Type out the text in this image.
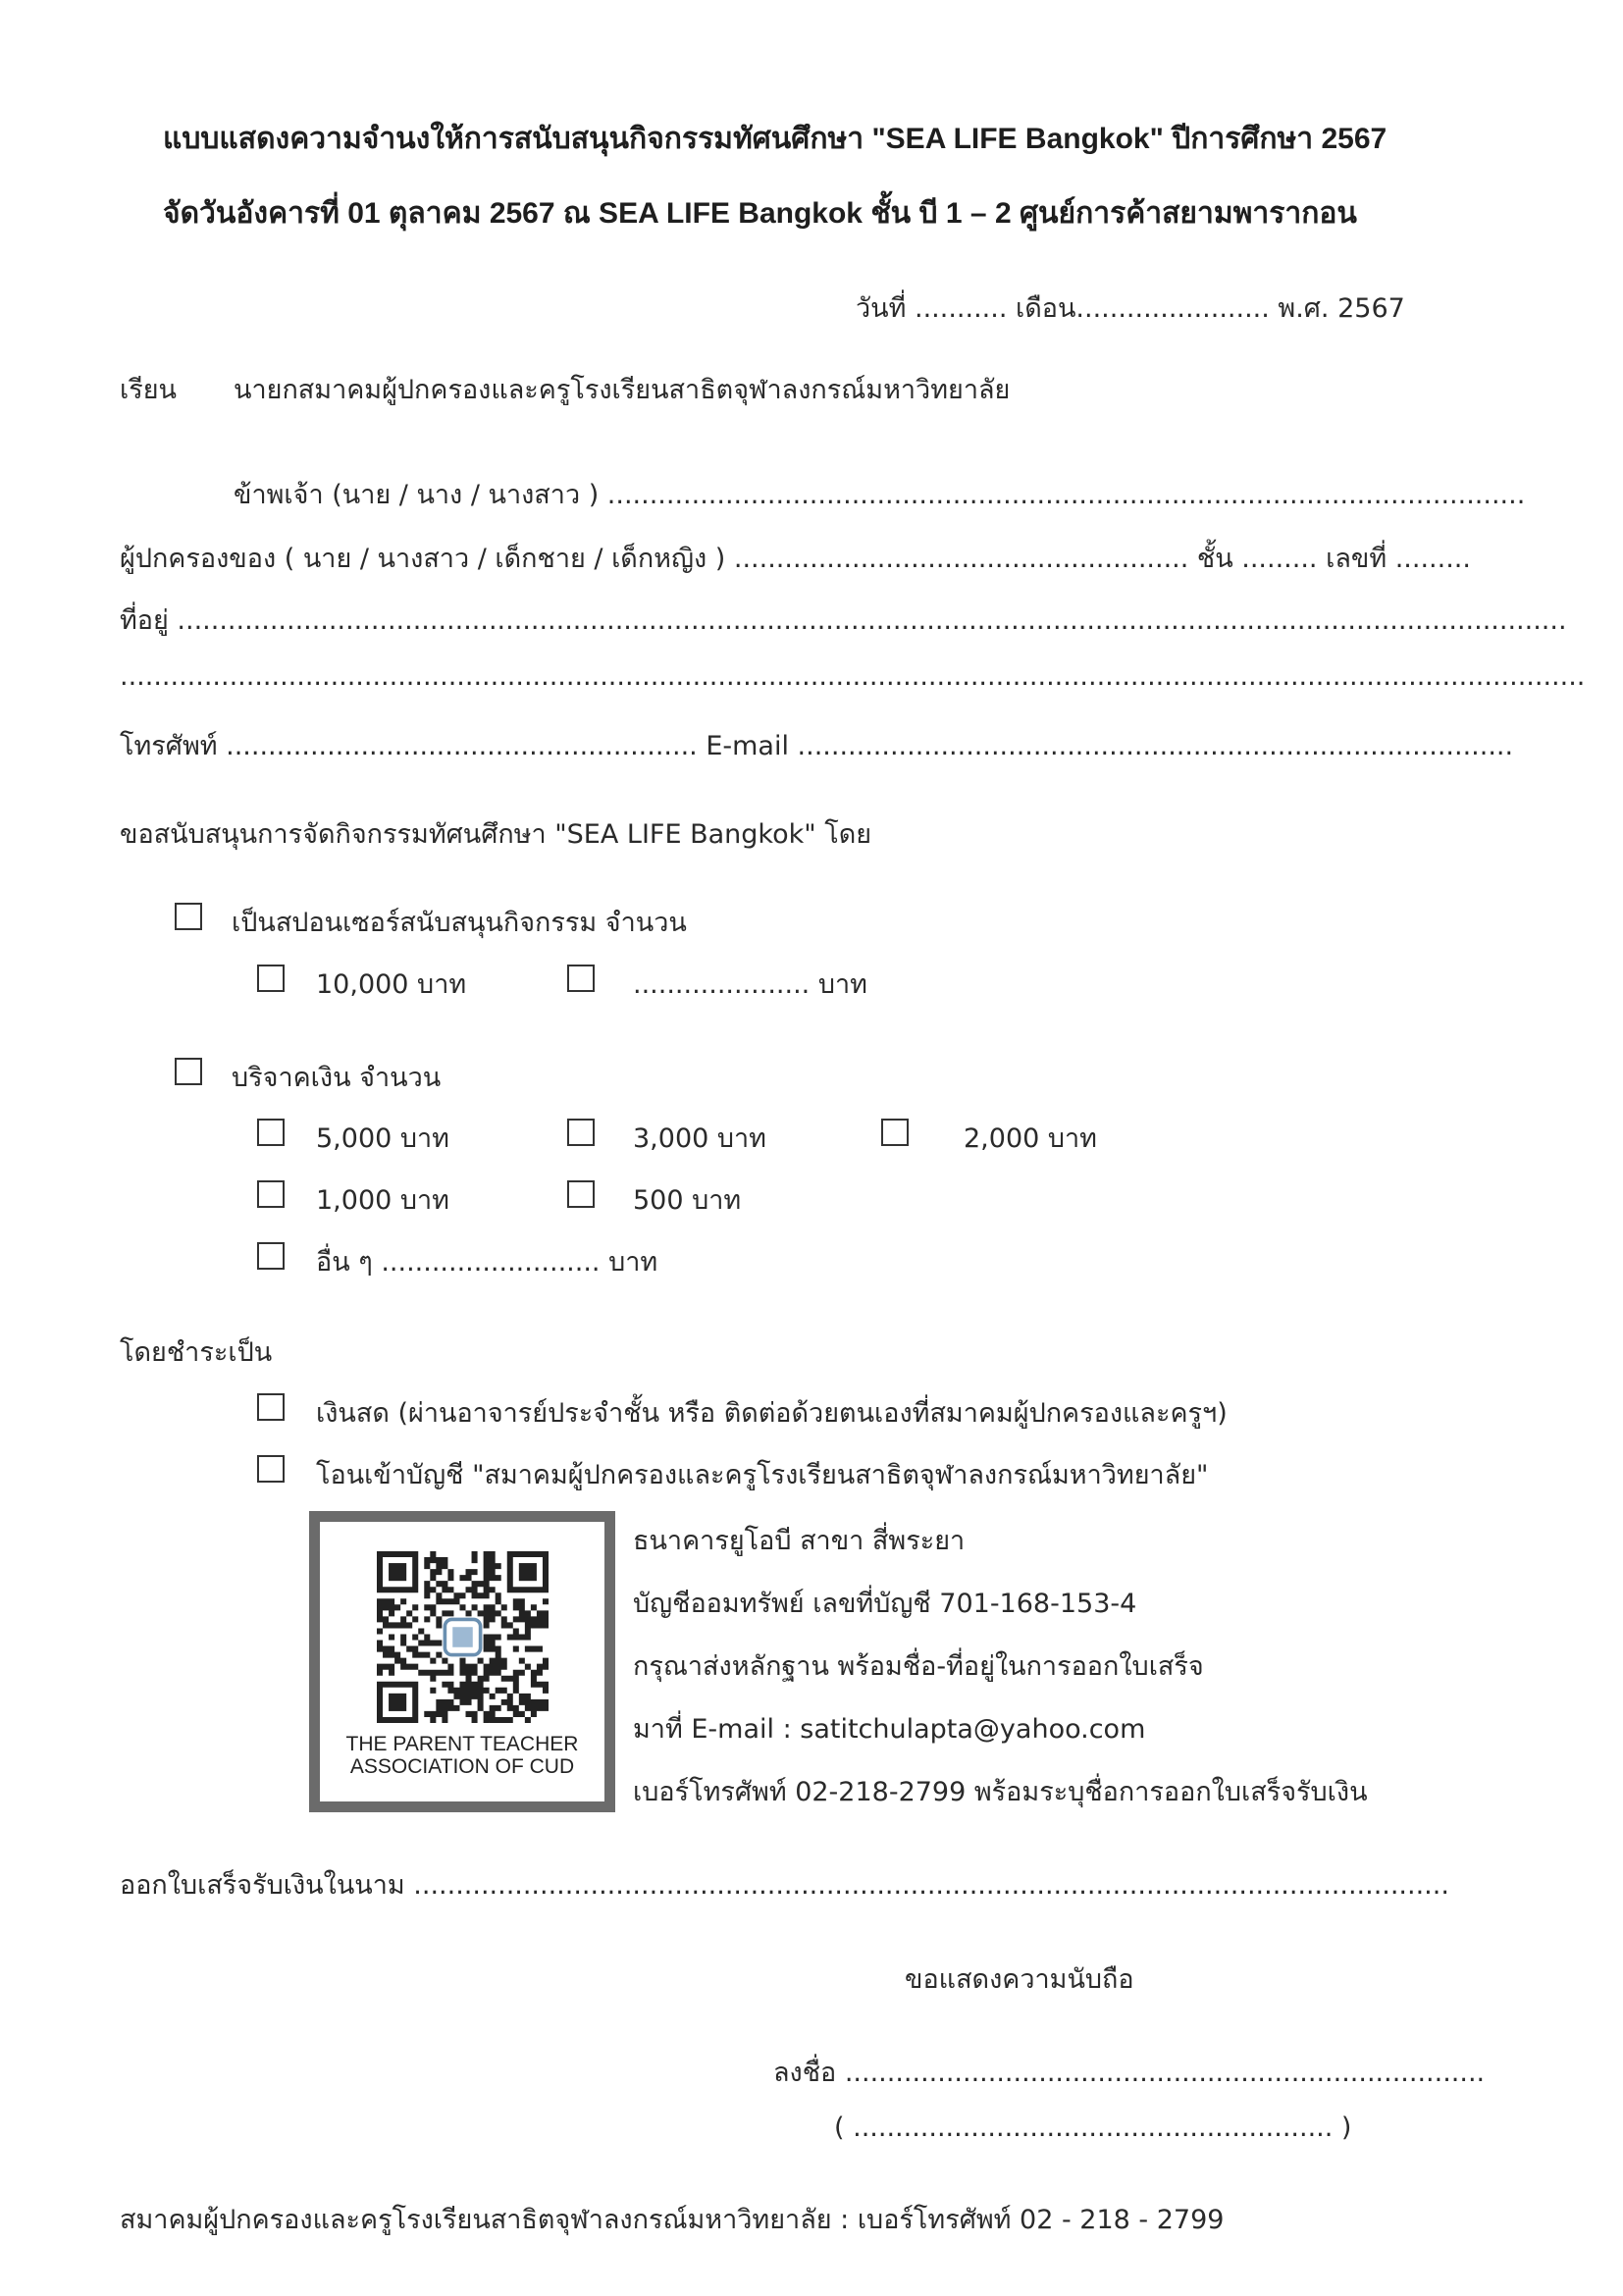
แบบแสดงความจำนงให้การสนับสนุนกิจกรรมทัศนศึกษา "SEA LIFE Bangkok" ปีการศึกษา 2567
จัดวันอังคารที่ 01 ตุลาคม 2567 ณ SEA LIFE Bangkok ชั้น บี 1 – 2 ศูนย์การค้าสยามพารากอน
วันที่ ........... เดือน....................... พ.ศ. 2567
เรียน นายกสมาคมผู้ปกครองและครูโรงเรียนสาธิตจุฬาลงกรณ์มหาวิทยาลัย
ข้าพเจ้า (นาย / นาง / นางสาว ) .............................................................................................................
ผู้ปกครองของ ( นาย / นางสาว / เด็กชาย / เด็กหญิง ) ...................................................... ชั้น ......... เลขที่ .........
ที่อยู่ .....................................................................................................................................................................
..............................................................................................................................................................................
โทรศัพท์ ........................................................ E-mail .....................................................................................
ขอสนับสนุนการจัดกิจกรรมทัศนศึกษา "SEA LIFE Bangkok" โดย
เป็นสปอนเซอร์สนับสนุนกิจกรรม จำนวน
10,000 บาท	..................... บาท
บริจาคเงิน จำนวน
5,000 บาท	3,000 บาท	2,000 บาท
1,000 บาท	500 บาท
อื่น ๆ .......................... บาท
โดยชำระเป็น
เงินสด (ผ่านอาจารย์ประจำชั้น หรือ ติดต่อด้วยตนเองที่สมาคมผู้ปกครองและครูฯ)
โอนเข้าบัญชี "สมาคมผู้ปกครองและครูโรงเรียนสาธิตจุฬาลงกรณ์มหาวิทยาลัย"
THE PARENT TEACHER
ASSOCIATION OF CUD
ธนาคารยูโอบี สาขา สี่พระยา
บัญชีออมทรัพย์ เลขที่บัญชี 701-168-153-4
กรุณาส่งหลักฐาน พร้อมชื่อ-ที่อยู่ในการออกใบเสร็จ
มาที่ E-mail : satitchulapta@yahoo.com
เบอร์โทรศัพท์ 02-218-2799 พร้อมระบุชื่อการออกใบเสร็จรับเงิน
ออกใบเสร็จรับเงินในนาม ...........................................................................................................................
ขอแสดงความนับถือ
ลงชื่อ ............................................................................
( ......................................................... )
สมาคมผู้ปกครองและครูโรงเรียนสาธิตจุฬาลงกรณ์มหาวิทยาลัย : เบอร์โทรศัพท์ 02 - 218 - 2799
